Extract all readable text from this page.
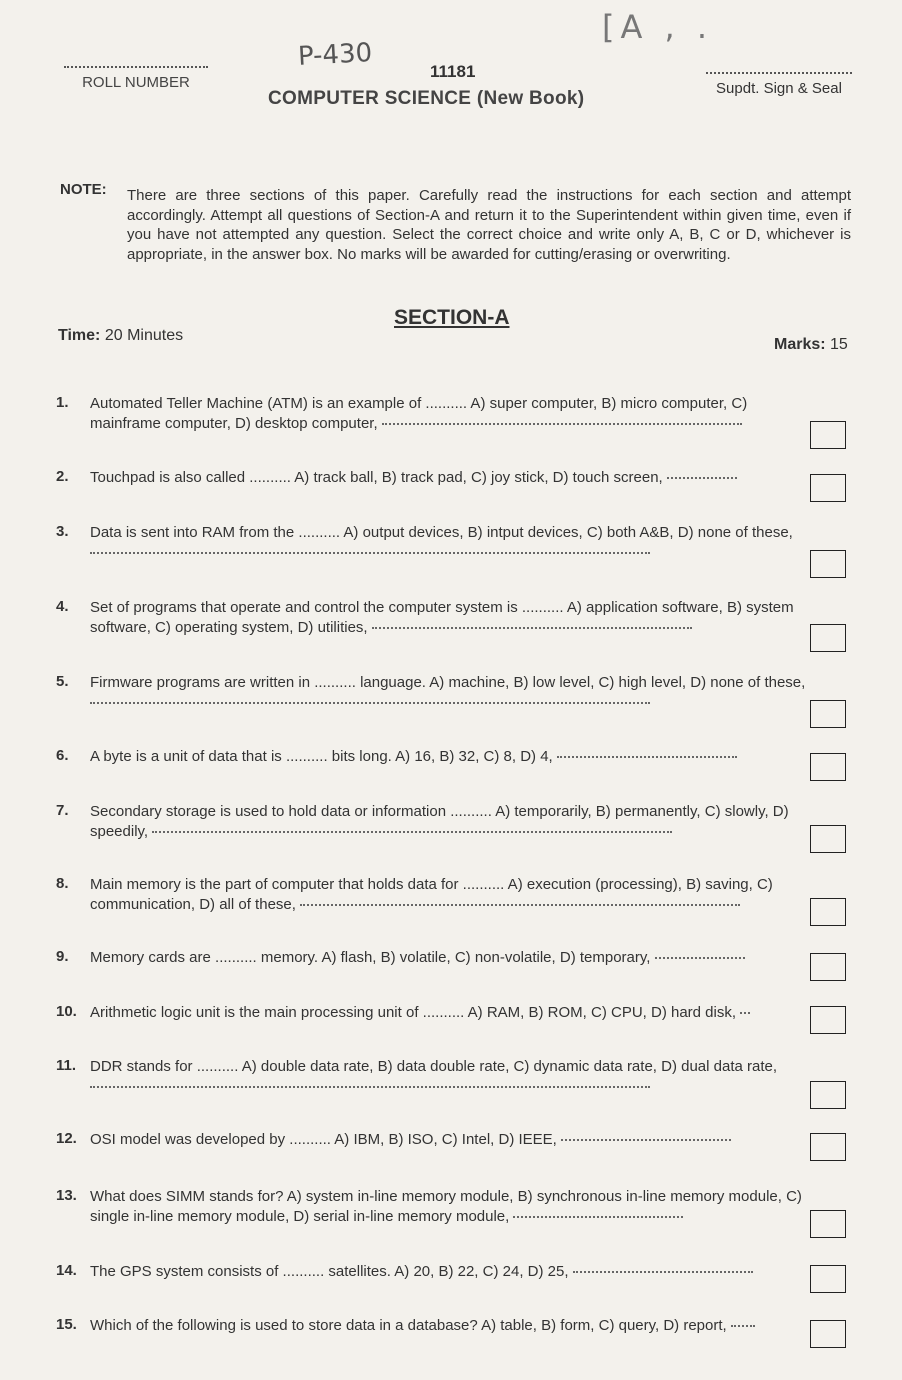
P-430
[A , .
ROLL NUMBER
11181
COMPUTER SCIENCE (New Book)	Supdt. Sign & Seal
NOTE: There are three sections of this paper. Carefully read the instructions for each section and attempt accordingly. Attempt all questions of Section-A and return it to the Superintendent within given time, even if you have not attempted any question. Select the correct choice and write only A, B, C or D, whichever is appropriate, in the answer box. No marks will be awarded for cutting/erasing or overwriting.
SECTION-A
Time: 20 Minutes
Marks: 15
1.	Automated Teller Machine (ATM) is an example of .......... A) super computer, B) micro computer, C) mainframe computer, D) desktop computer,
2.	Touchpad is also called .......... A) track ball, B) track pad, C) joy stick, D) touch screen,
3.	Data is sent into RAM from the .......... A) output devices, B) intput devices, C) both A&B, D) none of these,
4.	Set of programs that operate and control the computer system is .......... A) application software, B) system software, C) operating system, D) utilities,
5.	Firmware programs are written in .......... language. A) machine, B) low level, C) high level, D) none of these,
6.	A byte is a unit of data that is .......... bits long. A) 16, B) 32, C) 8, D) 4,
7.	Secondary storage is used to hold data or information .......... A) temporarily, B) permanently, C) slowly, D) speedily,
8.	Main memory is the part of computer that holds data for .......... A) execution (processing), B) saving, C) communication, D) all of these,
9.	Memory cards are .......... memory. A) flash, B) volatile, C) non-volatile, D) temporary,
10. Arithmetic logic unit is the main processing unit of .......... A) RAM, B) ROM, C) CPU, D) hard disk,
11. DDR stands for .......... A) double data rate, B) data double rate, C) dynamic data rate, D) dual data rate,
12. OSI model was developed by .......... A) IBM, B) ISO, C) Intel, D) IEEE,
13. What does SIMM stands for? A) system in-line memory module, B) synchronous in-line memory module, C) single in-line memory module, D) serial in-line memory module,
14. The GPS system consists of .......... satellites. A) 20, B) 22, C) 24, D) 25,
15. Which of the following is used to store data in a database? A) table, B) form, C) query, D) report,
